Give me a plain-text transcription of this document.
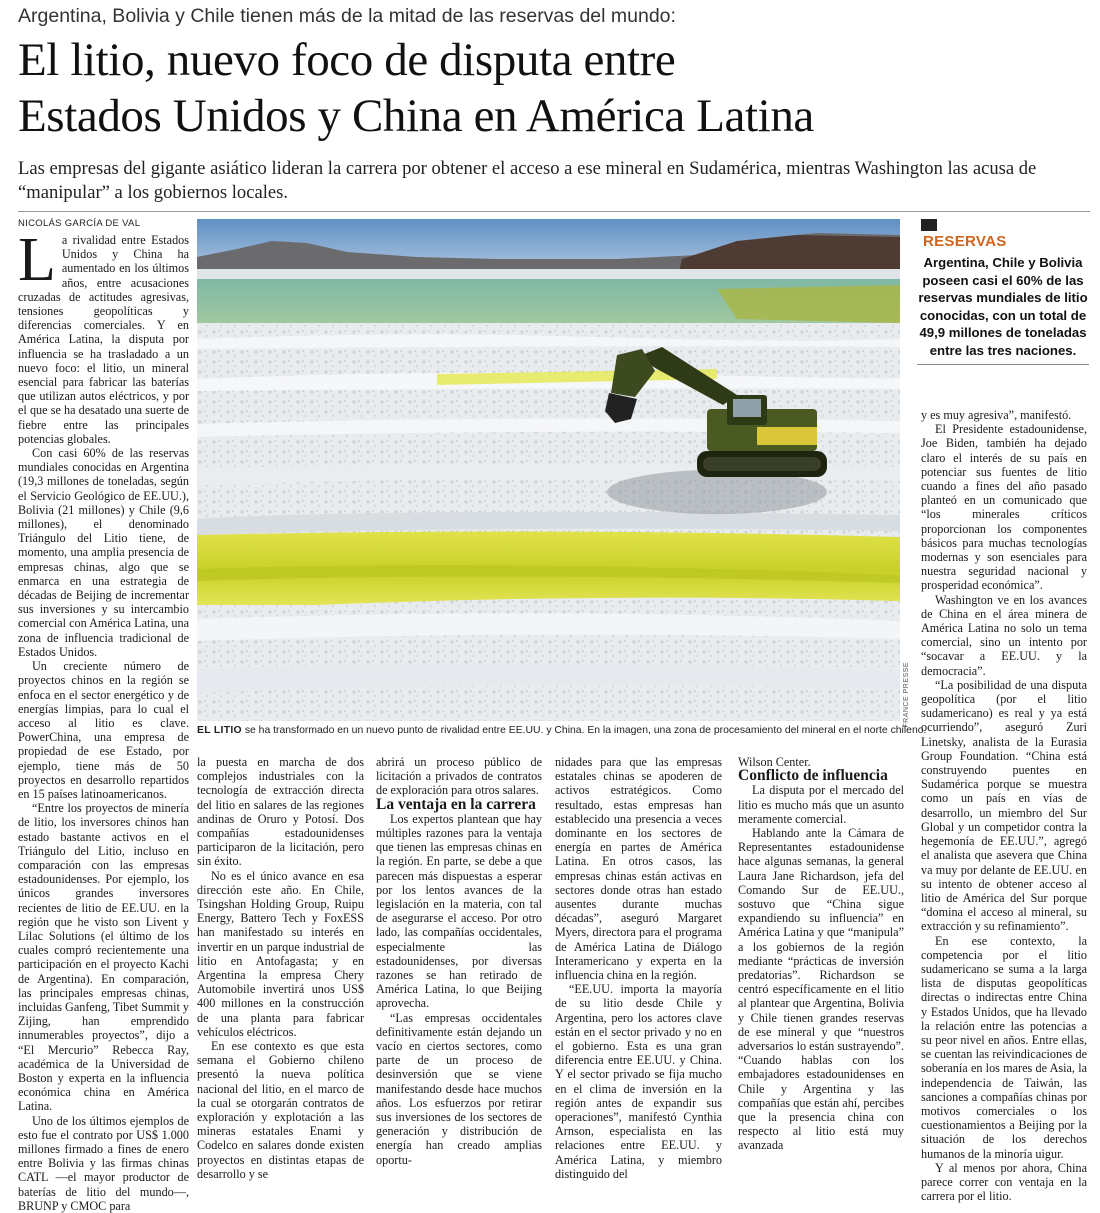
Argentina, Bolivia y Chile tienen más de la mitad de las reservas del mundo:
El litio, nuevo foco de disputa entre
Estados Unidos y China en América Latina
Las empresas del gigante asiático lideran la carrera por obtener el acceso a ese mineral en Sudamérica, mientras Washington las acusa de “manipular” a los gobiernos locales.
NICOLÁS GARCÍA DE VAL

La rivalidad entre Estados Unidos y China ha aumentado en los últimos años, entre acusaciones cruzadas de actitudes agresivas, tensiones geopolíticas y diferencias comerciales. Y en América Latina, la disputa por influencia se ha trasladado a un nuevo foco: el litio, un mineral esencial para fabricar las baterías que utilizan autos eléctricos, y por el que se ha desatado una suerte de fiebre entre las principales potencias globales.

Con casi 60% de las reservas mundiales conocidas en Argentina (19,3 millones de toneladas, según el Servicio Geológico de EE.UU.), Bolivia (21 millones) y Chile (9,6 millones), el denominado Triángulo del Litio tiene, de momento, una amplia presencia de empresas chinas, algo que se enmarca en una estrategia de décadas de Beijing de incrementar sus inversiones y su intercambio comercial con América Latina, una zona de influencia tradicional de Estados Unidos.

Un creciente número de proyectos chinos en la región se enfoca en el sector energético y de energías limpias, para lo cual el acceso al litio es clave. PowerChina, una empresa de propiedad de ese Estado, por ejemplo, tiene más de 50 proyectos en desarrollo repartidos en 15 países latinoamericanos.

“Entre los proyectos de minería de litio, los inversores chinos han estado bastante activos en el Triángulo del Litio, incluso en comparación con las empresas estadounidenses. Por ejemplo, los únicos grandes inversores recientes de litio de EE.UU. en la región que he visto son Livent y Lilac Solutions (el último de los cuales compró recientemente una participación en el proyecto Kachi de Argentina). En comparación, las principales empresas chinas, incluidas Ganfeng, Tibet Summit y Zijing, han emprendido innumerables proyectos”, dijo a “El Mercurio” Rebecca Ray, académica de la Universidad de Boston y experta en la influencia económica china en América Latina.

Uno de los últimos ejemplos de esto fue el contrato por US$ 1.000 millones firmado a fines de enero entre Bolivia y las firmas chinas CATL —el mayor productor de baterías de litio del mundo—, BRUNP y CMOC para

FRANCE PRESSE
EL LITIO se ha transformado en un nuevo punto de rivalidad entre EE.UU. y China. En la imagen, una zona de procesamiento del mineral en el norte chileno.
RESERVAS
Argentina, Chile y Bolivia poseen casi el 60% de las reservas mundiales de litio conocidas, con un total de 49,9 millones de toneladas entre las tres naciones.

la puesta en marcha de dos complejos industriales con la tecnología de extracción directa del litio en salares de las regiones andinas de Oruro y Potosí. Dos compañías estadounidenses participaron de la licitación, pero sin éxito.

No es el único avance en esa dirección este año. En Chile, Tsingshan Holding Group, Ruipu Energy, Battero Tech y FoxESS han manifestado su interés en invertir en un parque industrial de litio en Antofagasta; y en Argentina la empresa Chery Automobile invertirá unos US$ 400 millones en la construcción de una planta para fabricar vehículos eléctricos.

En ese contexto es que esta semana el Gobierno chileno presentó la nueva política nacional del litio, en el marco de la cual se otorgarán contratos de exploración y explotación a las mineras estatales Enami y Codelco en salares donde existen proyectos en distintas etapas de desarrollo y se

abrirá un proceso público de licitación a privados de contratos de exploración para otros salares.

La ventaja en la carrera

Los expertos plantean que hay múltiples razones para la ventaja que tienen las empresas chinas en la región. En parte, se debe a que parecen más dispuestas a esperar por los lentos avances de la legislación en la materia, con tal de asegurarse el acceso. Por otro lado, las compañías occidentales, especialmente las estadounidenses, por diversas razones se han retirado de América Latina, lo que Beijing aprovecha.

“Las empresas occidentales definitivamente están dejando un vacío en ciertos sectores, como parte de un proceso de desinversión que se viene manifestando desde hace muchos años. Los esfuerzos por retirar sus inversiones de los sectores de generación y distribución de energía han creado amplias oportu-

nidades para que las empresas estatales chinas se apoderen de activos estratégicos. Como resultado, estas empresas han establecido una presencia a veces dominante en los sectores de energía en partes de América Latina. En otros casos, las empresas chinas están activas en sectores donde otras han estado ausentes durante muchas décadas”, aseguró Margaret Myers, directora para el programa de América Latina de Diálogo Interamericano y experta en la influencia china en la región.

“EE.UU. importa la mayoría de su litio desde Chile y Argentina, pero los actores clave están en el sector privado y no en el gobierno. Esta es una gran diferencia entre EE.UU. y China. Y el sector privado se fija mucho en el clima de inversión en la región antes de expandir sus operaciones”, manifestó Cynthia Arnson, especialista en las relaciones entre EE.UU. y América Latina, y miembro distinguido del

Wilson Center.

Conflicto de influencia

La disputa por el mercado del litio es mucho más que un asunto meramente comercial.

Hablando ante la Cámara de Representantes estadounidense hace algunas semanas, la general Laura Jane Richardson, jefa del Comando Sur de EE.UU., sostuvo que “China sigue expandiendo su influencia” en América Latina y que “manipula” a los gobiernos de la región mediante “prácticas de inversión predatorias”. Richardson se centró específicamente en el litio al plantear que Argentina, Bolivia y Chile tienen grandes reservas de ese mineral y que “nuestros adversarios lo están sustrayendo”. “Cuando hablas con los embajadores estadounidenses en Chile y Argentina y las compañías que están ahí, percibes que la presencia china con respecto al litio está muy avanzada

y es muy agresiva”, manifestó.

El Presidente estadounidense, Joe Biden, también ha dejado claro el interés de su país en potenciar sus fuentes de litio cuando a fines del año pasado planteó en un comunicado que “los minerales críticos proporcionan los componentes básicos para muchas tecnologías modernas y son esenciales para nuestra seguridad nacional y prosperidad económica”.

Washington ve en los avances de China en el área minera de América Latina no solo un tema comercial, sino un intento por “socavar a EE.UU. y la democracia”.

“La posibilidad de una disputa geopolítica (por el litio sudamericano) es real y ya está ocurriendo”, aseguró Zuri Linetsky, analista de la Eurasia Group Foundation. “China está construyendo puentes en Sudamérica porque se muestra como un país en vías de desarrollo, un miembro del Sur Global y un competidor contra la hegemonía de EE.UU.”, agregó el analista que asevera que China va muy por delante de EE.UU. en su intento de obtener acceso al litio de América del Sur porque “domina el acceso al mineral, su extracción y su refinamiento”.

En ese contexto, la competencia por el litio sudamericano se suma a la larga lista de disputas geopolíticas directas o indirectas entre China y Estados Unidos, que ha llevado la relación entre las potencias a su peor nivel en años. Entre ellas, se cuentan las reivindicaciones de soberanía en los mares de Asia, la independencia de Taiwán, las sanciones a compañías chinas por motivos comerciales o los cuestionamientos a Beijing por la situación de los derechos humanos de la minoría uigur.

Y al menos por ahora, China parece correr con ventaja en la carrera por el litio.
